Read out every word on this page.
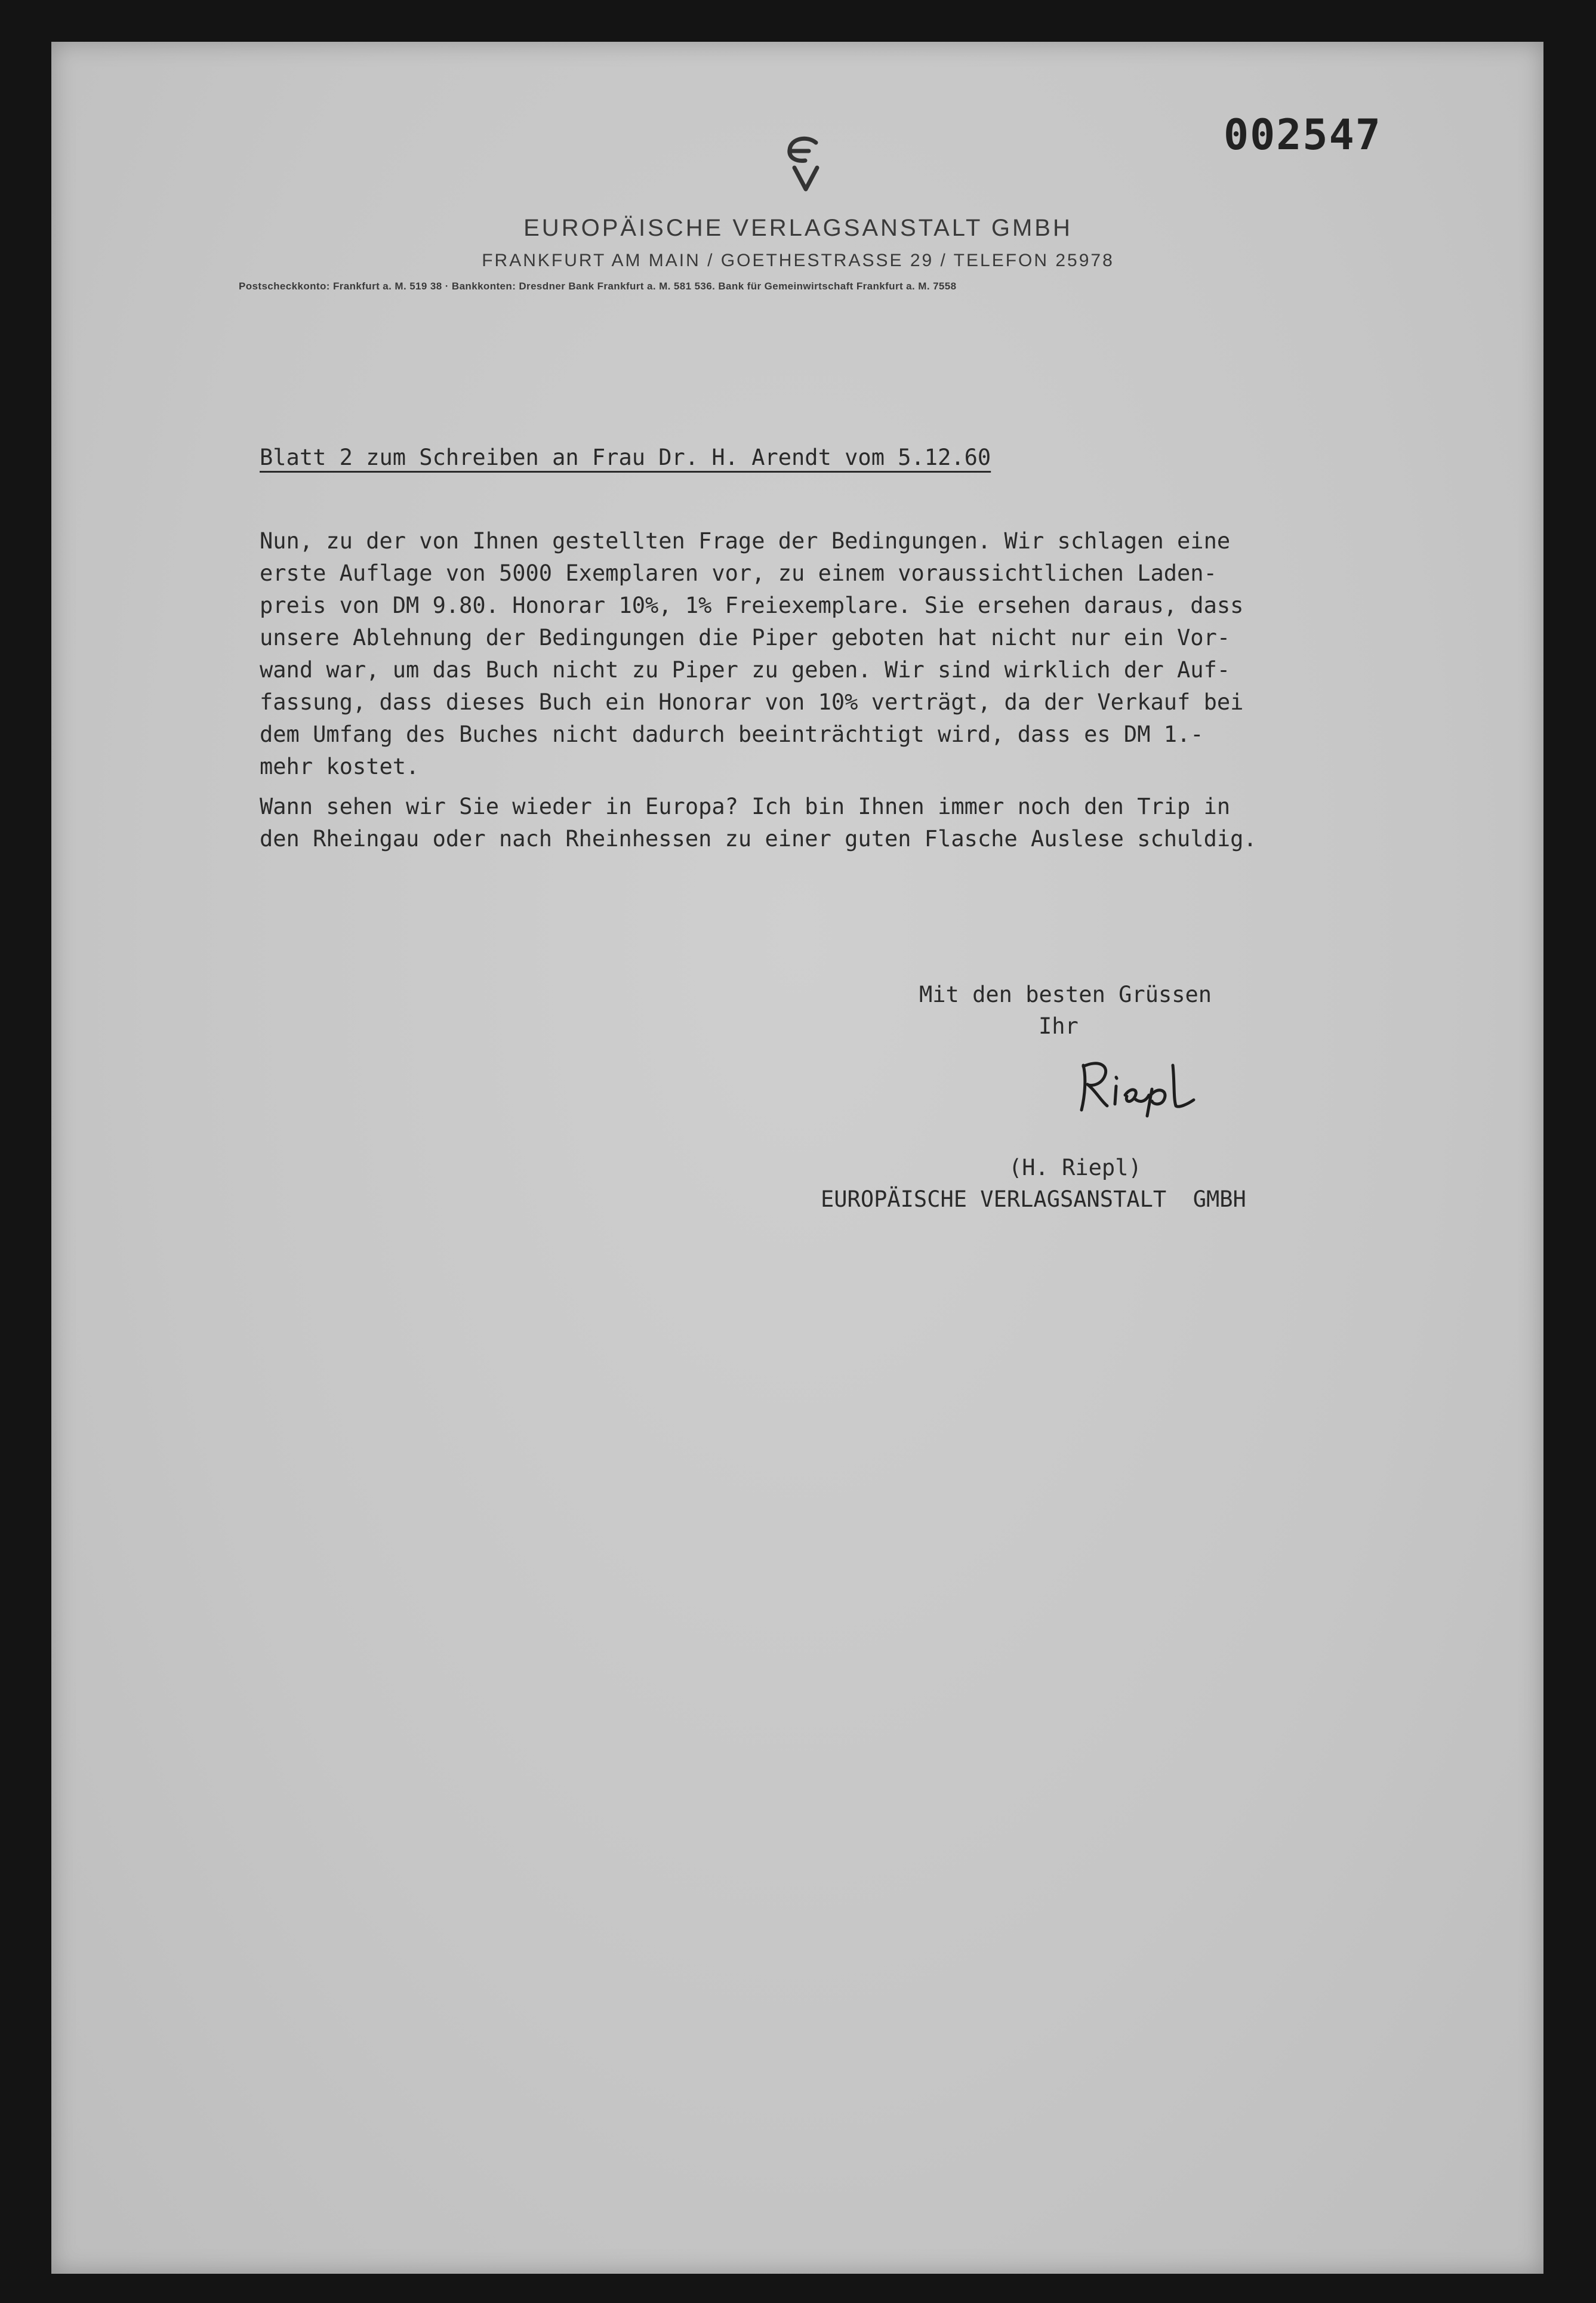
002547
EUROPÄISCHE VERLAGSANSTALT GMBH
FRANKFURT AM MAIN / GOETHESTRASSE 29 / TELEFON 25978
Postscheckkonto: Frankfurt a. M. 519 38 · Bankkonten: Dresdner Bank Frankfurt a. M. 581 536. Bank für Gemeinwirtschaft Frankfurt a. M. 7558
Blatt 2 zum Schreiben an Frau Dr. H. Arendt vom 5.12.60
Nun, zu der von Ihnen gestellten Frage der Bedingungen. Wir schlagen eine
erste Auflage von 5000 Exemplaren vor, zu einem voraussichtlichen Laden-
preis von DM 9.80. Honorar 10%, 1% Freiexemplare. Sie ersehen daraus, dass
unsere Ablehnung der Bedingungen die Piper geboten hat nicht nur ein Vor-
wand war, um das Buch nicht zu Piper zu geben. Wir sind wirklich der Auf-
fassung, dass dieses Buch ein Honorar von 10% verträgt, da der Verkauf bei
dem Umfang des Buches nicht dadurch beeinträchtigt wird, dass es DM 1.-
mehr kostet.
Wann sehen wir Sie wieder in Europa? Ich bin Ihnen immer noch den Trip in
den Rheingau oder nach Rheinhessen zu einer guten Flasche Auslese schuldig.
Mit den besten Grüssen
Ihr
(H. Riepl)
EUROPÄISCHE VERLAGSANSTALT  GMBH
